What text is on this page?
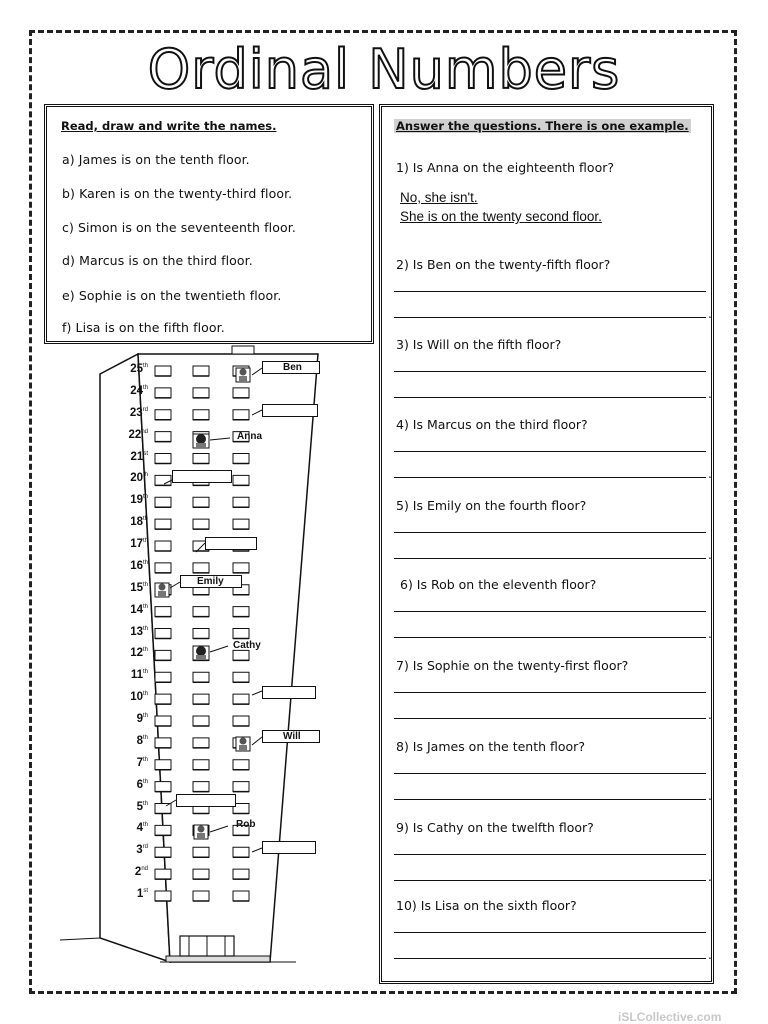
Ordinal Numbers
Read, draw and write the names.
a) James is on the tenth floor.
b) Karen is on the twenty-third floor.
c) Simon is on the seventeenth floor.
d) Marcus is on the third floor.
e) Sophie is on the twentieth floor.
f) Lisa is on the fifth floor.
25th
24th
23rd
22nd
21st
20th
19th
18th
17th
16th
15th
14th
13th
12th
11th
10th
9th
8th
7th
6th
5th
4th
3rd
2nd
1st
Ben
Anna
Emily
Cathy
Will
Rob
Answer the questions. There is one example.
1) Is Anna on the eighteenth floor?
No, she isn't.
She is on the twenty second floor.
2) Is Ben on the twenty-fifth floor?
.
3) Is Will on the fifth floor?
.
4) Is Marcus on the third floor?
.
5) Is Emily on the fourth floor?
.
6) Is Rob on the eleventh floor?
.
7) Is Sophie on the twenty-first floor?
.
8) Is James on the tenth floor?
.
9) Is Cathy on the twelfth floor?
.
10) Is Lisa on the sixth floor?
.
iSLCollective.com
